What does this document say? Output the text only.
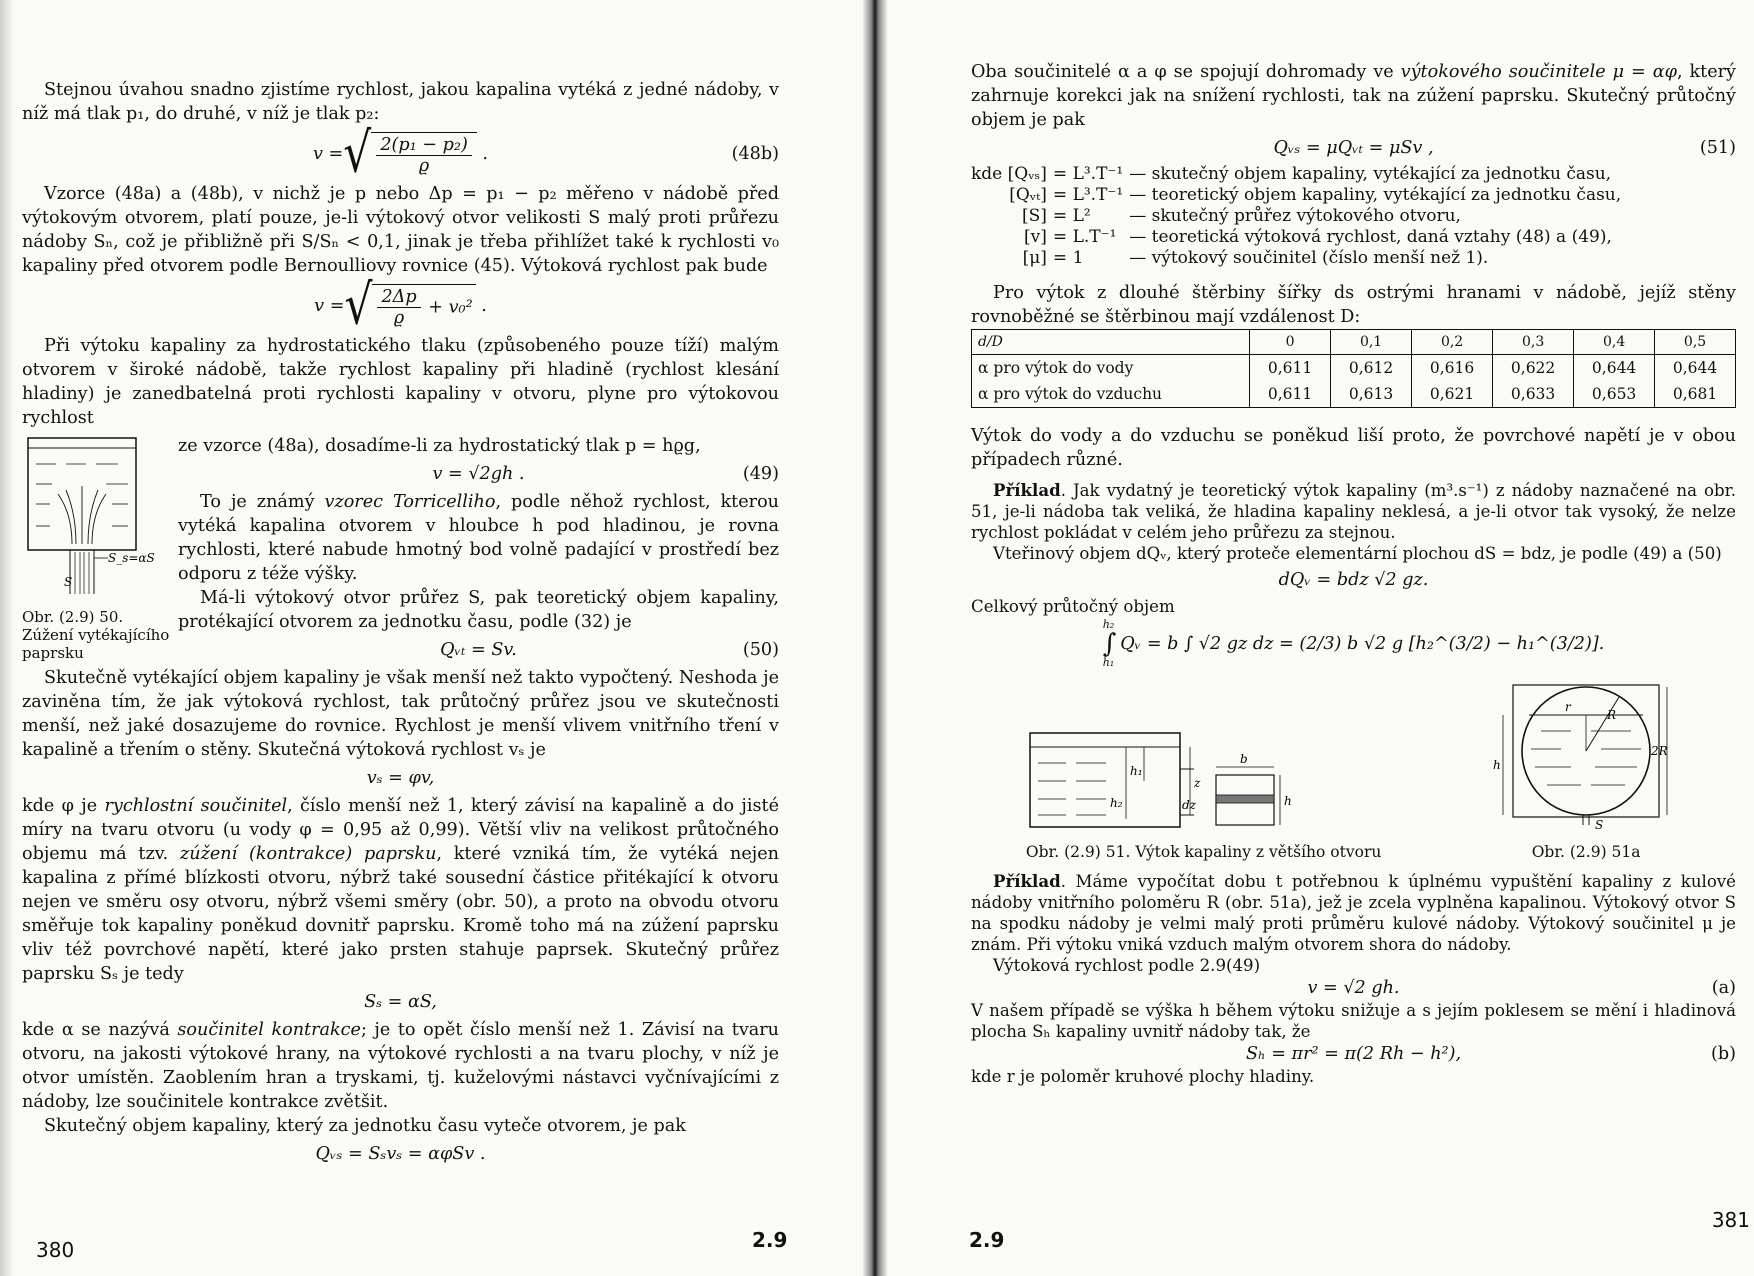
Stejnou úvahou snadno zjistíme rychlost, jakou kapalina vytéká z jedné nádoby, v níž má tlak p₁, do druhé, v níž je tlak p₂:

v = √ $\frac{\text{2(p₁ − p₂)}}{ϱ}$ .	(48b)

Vzorce (48a) a (48b), v nichž je p nebo Δp = p₁ − p₂ měřeno v nádobě před výtokovým otvorem, platí pouze, je-li výtokový otvor velikosti S malý proti průřezu nádoby Sₙ, což je přibližně při S/Sₙ < 0,1, jinak je třeba přihlížet také k rychlosti v₀ kapaliny před otvorem podle Bernoulliovy rovnice (45). Výtoková rychlost pak bude

v = √ $\frac{2\Delta p}{ϱ} + v_0^2$ .

Při výtoku kapaliny za hydrostatického tlaku (způsobeného pouze tíží) malým otvorem v široké nádobě, takže rychlost kapaliny při hladině (rychlost klesání hladiny) je zanedbatelná proti rychlosti kapaliny v otvoru, plyne pro výtokovou rychlost

S_s=αS
S
Obr. (2.9) 50. Zúžení vytékajícího paprsku

ze vzorce (48a), dosadíme-li za hydrostatický tlak p = hϱg,

v = √2gh .	(49)

To je známý vzorec Torricelliho, podle něhož rychlost, kterou vytéká kapalina otvorem v hloubce h pod hladinou, je rovna rychlosti, které nabude hmotný bod volně padající v prostředí bez odporu z téže výšky.

Má-li výtokový otvor průřez S, pak teoretický objem kapaliny, protékající otvorem za jednotku času, podle (32) je

Qᵥₜ = Sv.	(50)

Skutečně vytékající objem kapaliny je však menší než takto vypočtený. Neshoda je zaviněna tím, že jak výtoková rychlost, tak průtočný průřez jsou ve skutečnosti menší, než jaké dosazujeme do rovnice. Rychlost je menší vlivem vnitřního tření v kapalině a třením o stěny. Skutečná výtoková rychlost vₛ je

vₛ = φv,

kde φ je rychlostní součinitel, číslo menší než 1, který závisí na kapalině a do jisté míry na tvaru otvoru (u vody φ = 0,95 až 0,99). Větší vliv na velikost průtočného objemu má tzv. zúžení (kontrakce) paprsku, které vzniká tím, že vytéká nejen kapalina z přímé blízkosti otvoru, nýbrž také sousední částice přitékající k otvoru nejen ve směru osy otvoru, nýbrž všemi směry (obr. 50), a proto na obvodu otvoru směřuje tok kapaliny poněkud dovnitř paprsku. Kromě toho má na zúžení paprsku vliv též povrchové napětí, které jako prsten stahuje paprsek. Skutečný průřez paprsku Sₛ je tedy

Sₛ = αS,

kde α se nazývá součinitel kontrakce; je to opět číslo menší než 1. Závisí na tvaru otvoru, na jakosti výtokové hrany, na výtokové rychlosti a na tvaru plochy, v níž je otvor umístěn. Zaoblením hran a tryskami, tj. kuželovými nástavci vyčnívajícími z nádoby, lze součinitele kontrakce zvětšit.

Skutečný objem kapaliny, který za jednotku času vyteče otvorem, je pak

Qᵥₛ = Sₛvₛ = αφSv .
380	2.9

Oba součinitelé α a φ se spojují dohromady ve výtokového součinitele μ = αφ, který zahrnuje korekci jak na snížení rychlosti, tak na zúžení paprsku. Skutečný průtočný objem je pak

Qᵥₛ = μQᵥₜ = μSv ,	(51)
kde [Qᵥₛ] = L³.T⁻¹ — skutečný objem kapaliny, vytékající za jednotku času,
[Qᵥₜ] = L³.T⁻¹ — teoretický objem kapaliny, vytékající za jednotku času,
[S] = L²	— skutečný průřez výtokového otvoru,
[v] = L.T⁻¹ — teoretická výtoková rychlost, daná vztahy (48) a (49),
[μ] = 1	— výtokový součinitel (číslo menší než 1).

Pro výtok z dlouhé štěrbiny šířky ds ostrými hranami v nádobě, jejíž stěny rovnoběžné se štěrbinou mají vzdálenost D:

d/D	0	0,1	0,2	0,3	0,4	0,5
α pro výtok do vody	0,611	0,612	0,616	0,622	0,644	0,644
α pro výtok do vzduchu	0,611	0,613	0,621	0,633	0,653	0,681

Výtok do vody a do vzduchu se poněkud liší proto, že povrchové napětí je v obou případech různé.

Příklad. Jak vydatný je teoretický výtok kapaliny (m³.s⁻¹) z nádoby naznačené na obr. 51, je-li nádoba tak veliká, že hladina kapaliny neklesá, a je-li otvor tak vysoký, že nelze rychlost pokládat v celém jeho průřezu za stejnou.

Vteřinový objem dQᵥ, který proteče elementární plochou dS = bdz, je podle (49) a (50)

dQᵥ = bdz √2 gz.

Celkový průtočný objem

h₂
∫
h₁
Qᵥ = b ∫ √2 gz dz = (2/3) b √2 g [h₂^(3/2) − h₁^(3/2)].
h₁
h₂
z
dz
b
h
Obr. (2.9) 51. Výtok kapaliny z většího otvoru
r
R
2R
h
S
Obr. (2.9) 51a

Příklad. Máme vypočítat dobu t potřebnou k úplnému vypuštění kapaliny z kulové nádoby vnitřního poloměru R (obr. 51a), jež je zcela vyplněna kapalinou. Výtokový otvor S na spodku nádoby je velmi malý proti průměru kulové nádoby. Výtokový součinitel μ je znám. Při výtoku vniká vzduch malým otvorem shora do nádoby.

Výtoková rychlost podle 2.9(49)

v = √2 gh.	(a)

V našem případě se výška h během výtoku snižuje a s jejím poklesem se mění i hladinová plocha Sₕ kapaliny uvnitř nádoby tak, že

Sₕ = πr² = π(2 Rh − h²),	(b)

kde r je poloměr kruhové plochy hladiny.

2.9
381
